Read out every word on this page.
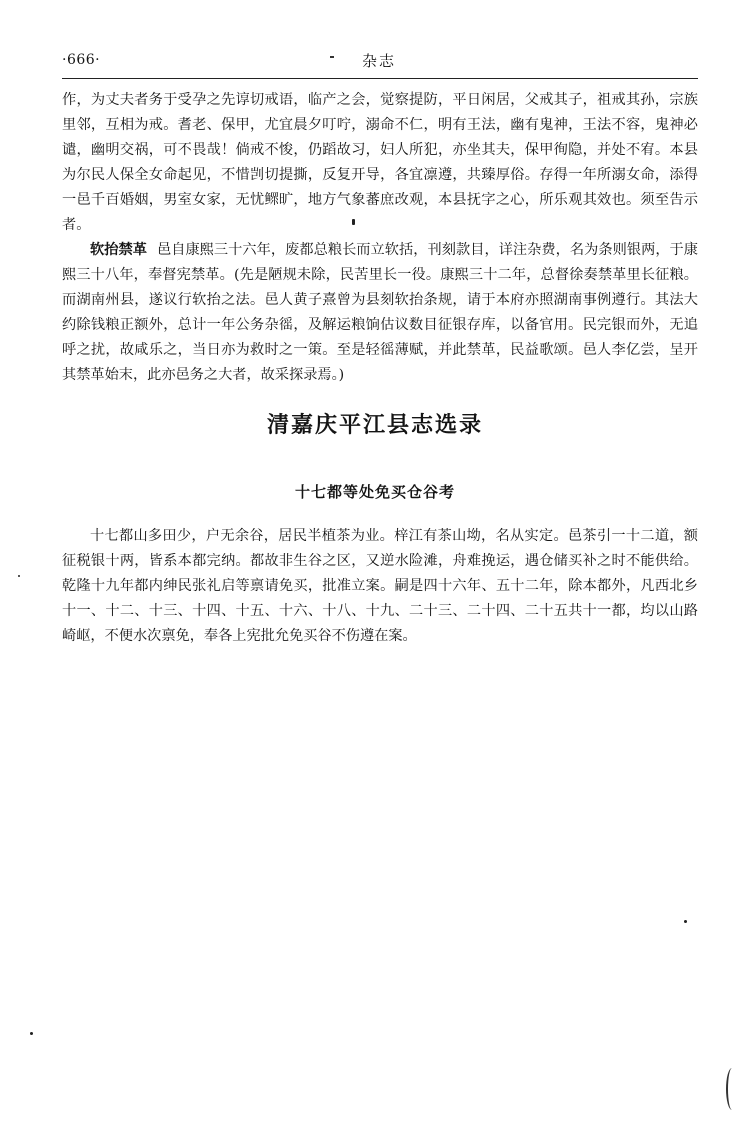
·666·	杂志

作，为丈夫者务于受孕之先谆切戒语，临产之会，觉察提防，平日闲居，父戒其子，祖戒其孙，宗族里邻，互相为戒。耆老、保甲，尤宜晨夕叮咛，溺命不仁，明有王法，幽有鬼神，王法不容，鬼神必谴，幽明交祸，可不畏哉！倘戒不悛，仍蹈故习，妇人所犯，亦坐其夫，保甲徇隐，并处不宥。本县为尔民人保全女命起见，不惜剀切提撕，反复开导，各宜凛遵，共臻厚俗。存得一年所溺女命，添得一邑千百婚姻，男室女家，无忧鳏旷，地方气象蕃庶改观，本县抚字之心，所乐观其效也。须至告示者。

软抬禁革 邑自康熙三十六年，废都总粮长而立软括，刊刻款目，详注杂费，名为条则银两，于康熙三十八年，奉督宪禁革。(先是陋规未除，民苦里长一役。康熙三十二年，总督徐奏禁革里长征粮。而湖南州县，遂议行软抬之法。邑人黄子熹曾为县刻软抬条规，请于本府亦照湖南事例遵行。其法大约除钱粮正额外，总计一年公务杂徭，及解运粮饷估议数目征银存库，以备官用。民完银而外，无追呼之扰，故咸乐之，当日亦为救时之一策。至是轻徭薄赋，并此禁革，民益歌颂。邑人李亿尝，呈开其禁革始末，此亦邑务之大者，故采探录焉。)

清嘉庆平江县志选录
十七都等处免买仓谷考

十七都山多田少，户无余谷，居民半植茶为业。梓江有茶山坳，名从实定。邑茶引一十二道，额征税银十两，皆系本都完纳。都故非生谷之区，又逆水险滩，舟难挽运，遇仓储买补之时不能供给。乾隆十九年都内绅民张礼启等禀请免买，批准立案。嗣是四十六年、五十二年，除本都外，凡西北乡十一、十二、十三、十四、十五、十六、十八、十九、二十三、二十四、二十五共十一都，均以山路崎岖，不便水次禀免，奉各上宪批允免买谷不伤遵在案。
